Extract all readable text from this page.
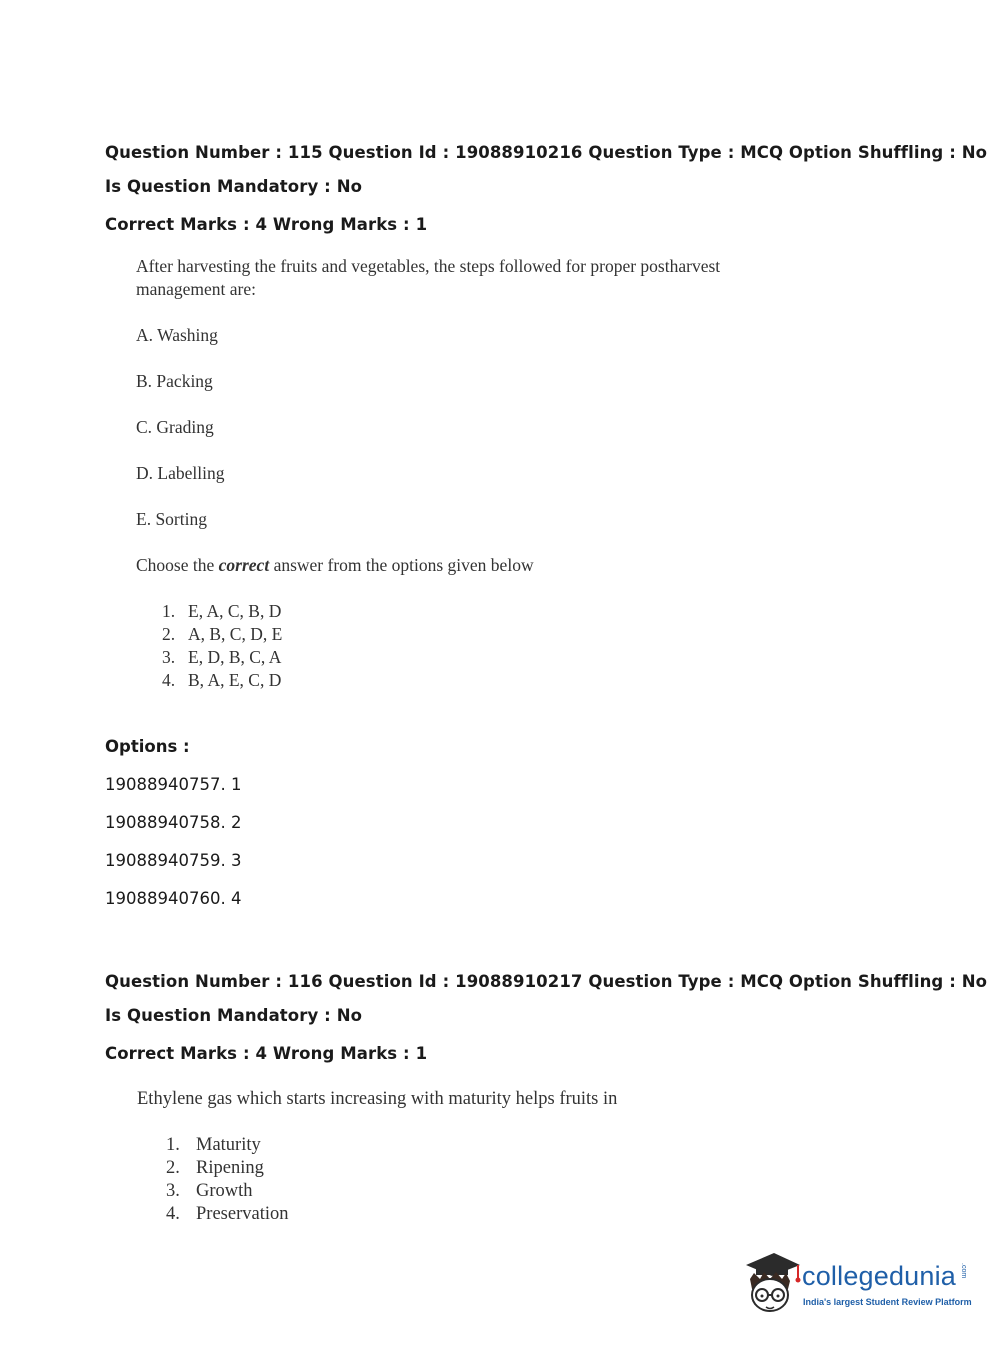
Question Number : 115 Question Id : 19088910216 Question Type : MCQ Option Shuffling : No
Is Question Mandatory : No
Correct Marks : 4 Wrong Marks : 1
After harvesting the fruits and vegetables, the steps followed for proper postharvest
management are:
A. Washing
B. Packing
C. Grading
D. Labelling
E. Sorting
Choose the correct answer from the options given below
1. E, A, C, B, D
2. A, B, C, D, E
3. E, D, B, C, A
4. B, A, E, C, D
Options :
19088940757. 1
19088940758. 2
19088940759. 3
19088940760. 4
Question Number : 116 Question Id : 19088910217 Question Type : MCQ Option Shuffling : No
Is Question Mandatory : No
Correct Marks : 4 Wrong Marks : 1
Ethylene gas which starts increasing with maturity helps fruits in
1. Maturity
2. Ripening
3. Growth
4. Preservation
collegedunia .com
India's largest Student Review Platform
